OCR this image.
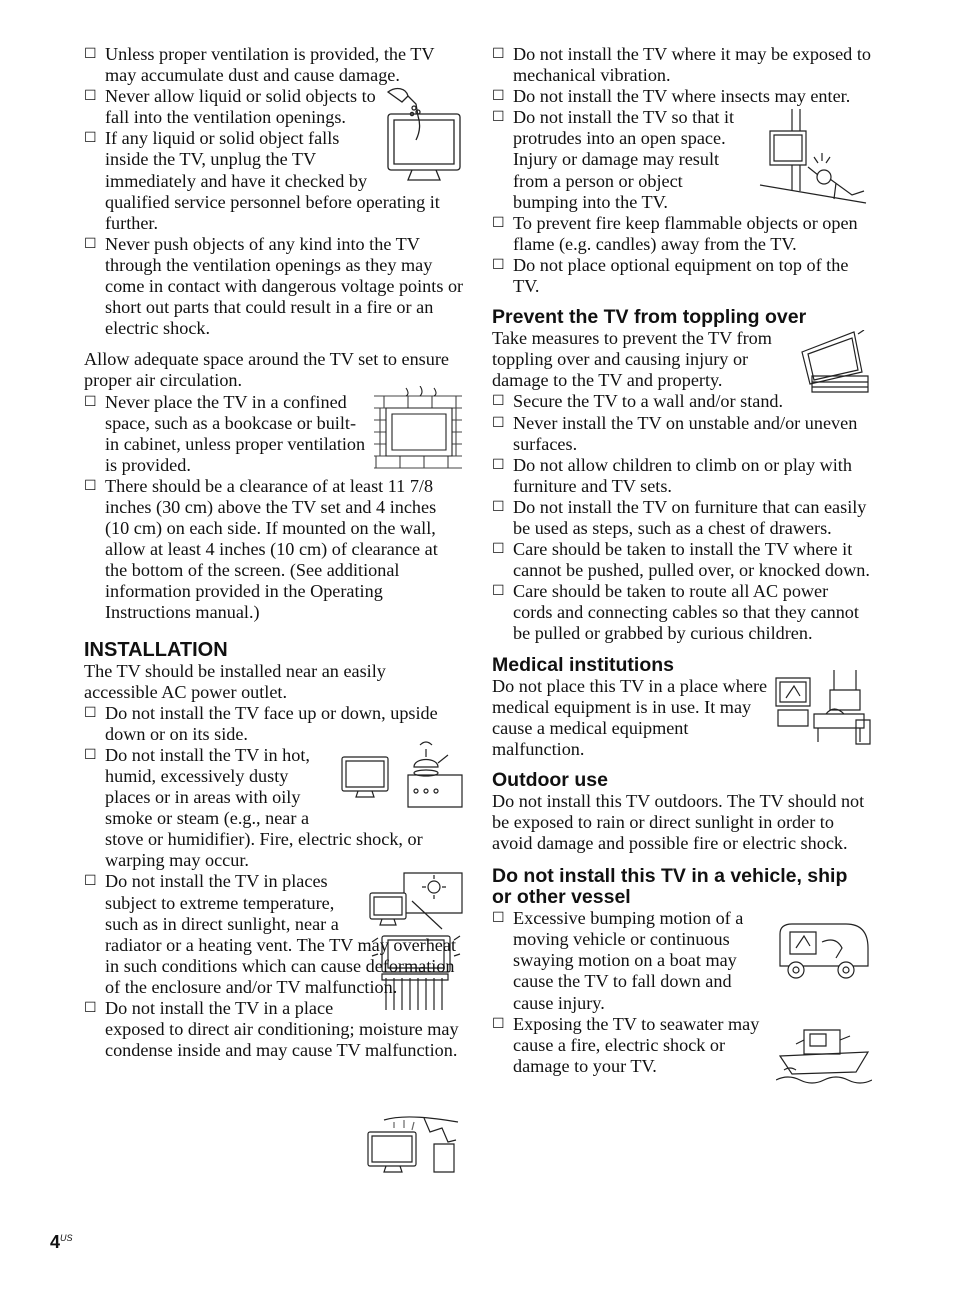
☐ Unless proper ventilation is provided, the TV may accumulate dust and cause damage.

☐ Never allow liquid or solid objects to fall into the ventilation openings.

☐ If any liquid or solid object falls inside the TV, unplug the TV immediately and have it checked by qualified service personnel before operating it further.

☐ Never push objects of any kind into the TV through the ventilation openings as they may come in contact with dangerous voltage points or short out parts that could result in a fire or an electric shock.

Allow adequate space around the TV set to ensure proper air circulation.

☐ Never place the TV in a confined space, such as a bookcase or built-in cabinet, unless proper ventilation is provided.

☐ There should be a clearance of at least 11 7/8 inches (30 cm) above the TV set and 4 inches (10 cm) on each side. If mounted on the wall, allow at least 4 inches (10 cm) of clearance at the bottom of the screen. (See additional information provided in the Operating Instructions manual.)

INSTALLATION

The TV should be installed near an easily accessible AC power outlet.

☐ Do not install the TV face up or down, upside down or on its side.

☐ Do not install the TV in hot, humid, excessively dusty places or in areas with oily smoke or steam (e.g., near a stove or humidifier). Fire, electric shock, or warping may occur.

☐ Do not install the TV in places subject to extreme temperature, such as in direct sunlight, near a radiator or a heating vent. The TV may overheat in such conditions which can cause deformation of the enclosure and/or TV malfunction.

☐ Do not install the TV in a place exposed to direct air conditioning; moisture may condense inside and may cause TV malfunction.

☐ Do not install the TV where it may be exposed to mechanical vibration.

☐ Do not install the TV where insects may enter.

☐ Do not install the TV so that it protrudes into an open space. Injury or damage may result from a person or object bumping into the TV.

☐ To prevent fire keep flammable objects or open flame (e.g. candles) away from the TV.

☐ Do not place optional equipment on top of the TV.

Prevent the TV from toppling over

Take measures to prevent the TV from toppling over and causing injury or damage to the TV and property.

☐ Secure the TV to a wall and/or stand.

☐ Never install the TV on unstable and/or uneven surfaces.

☐ Do not allow children to climb on or play with furniture and TV sets.

☐ Do not install the TV on furniture that can easily be used as steps, such as a chest of drawers.

☐ Care should be taken to install the TV where it cannot be pushed, pulled over, or knocked down.

☐ Care should be taken to route all AC power cords and connecting cables so that they cannot be pulled or grabbed by curious children.

Medical institutions

Do not place this TV in a place where medical equipment is in use. It may cause a medical equipment malfunction.

Outdoor use

Do not install this TV outdoors. The TV should not be exposed to rain or direct sunlight in order to avoid damage and possible fire or electric shock.

Do not install this TV in a vehicle, ship or other vessel

☐ Excessive bumping motion of a moving vehicle or continuous swaying motion on a boat may cause the TV to fall down and cause injury.

☐ Exposing the TV to seawater may cause a fire, electric shock or damage to your TV.

$4^{US}$
